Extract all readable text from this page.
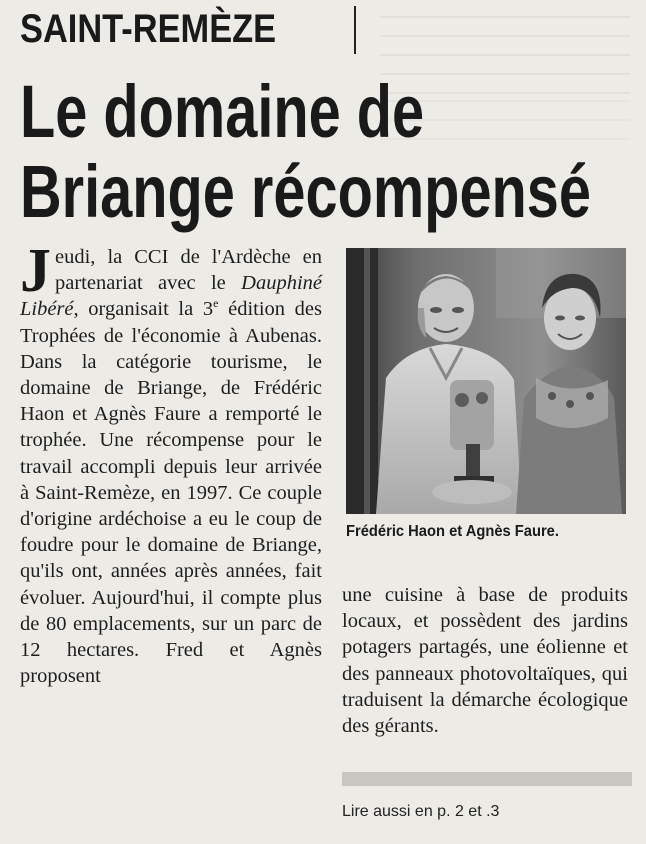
SAINT-REMÈZE
Le domaine de
Briange récompensé

Jeudi, la CCI de l'Ardèche en partenariat avec le Dauphiné Libéré, organisait la 3e édition des Trophées de l'économie à Aubenas. Dans la catégorie tourisme, le domaine de Briange, de Frédéric Haon et Agnès Faure a remporté le trophée. Une récompense pour le travail accompli depuis leur arrivée à Saint-Remèze, en 1997. Ce couple d'origine ardéchoise a eu le coup de foudre pour le domaine de Briange, qu'ils ont, années après années, fait évoluer. Aujourd'hui, il compte plus de 80 emplacements, sur un parc de 12 hectares. Fred et Agnès proposent

Frédéric Haon et Agnès Faure.

une cuisine à base de produits locaux, et possèdent des jardins potagers partagés, une éolienne et des panneaux photovoltaïques, qui traduisent la démarche écologique des gérants.

Lire aussi en p. 2 et .3
